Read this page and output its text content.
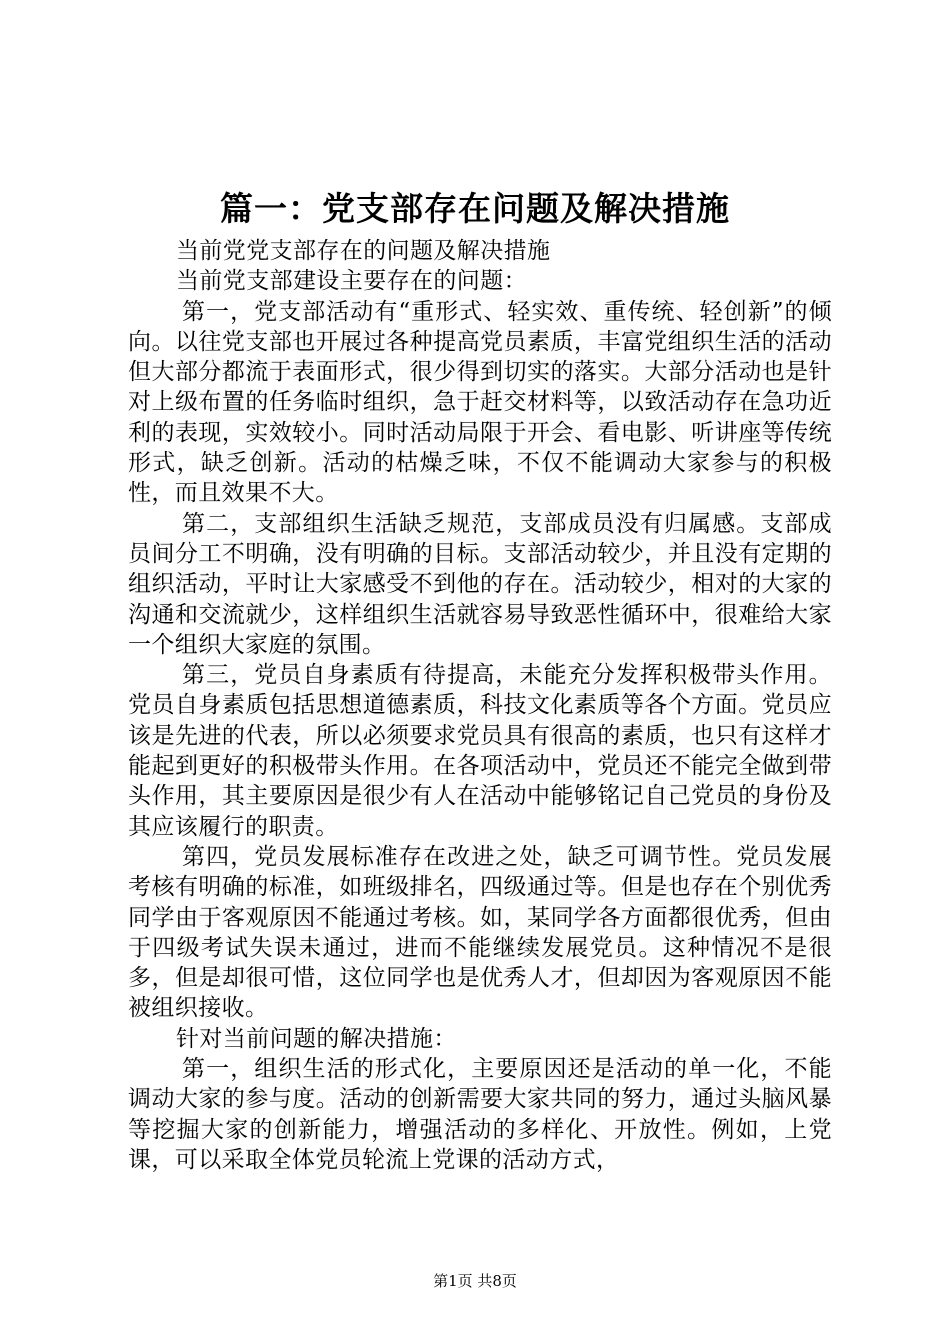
篇一：党支部存在问题及解决措施

当前党党支部存在的问题及解决措施

当前党支部建设主要存在的问题：

第一，党支部活动有“重形式、轻实效、重传统、轻创新”的倾向。以往党支部也开展过各种提高党员素质，丰富党组织生活的活动但大部分都流于表面形式，很少得到切实的落实。大部分活动也是针对上级布置的任务临时组织，急于赶交材料等，以致活动存在急功近利的表现，实效较小。同时活动局限于开会、看电影、听讲座等传统形式，缺乏创新。活动的枯燥乏味，不仅不能调动大家参与的积极性，而且效果不大。

第二，支部组织生活缺乏规范，支部成员没有归属感。支部成员间分工不明确，没有明确的目标。支部活动较少，并且没有定期的组织活动，平时让大家感受不到他的存在。活动较少，相对的大家的沟通和交流就少，这样组织生活就容易导致恶性循环中，很难给大家一个组织大家庭的氛围。

第三，党员自身素质有待提高，未能充分发挥积极带头作用。党员自身素质包括思想道德素质，科技文化素质等各个方面。党员应该是先进的代表，所以必须要求党员具有很高的素质，也只有这样才能起到更好的积极带头作用。在各项活动中，党员还不能完全做到带头作用，其主要原因是很少有人在活动中能够铭记自己党员的身份及其应该履行的职责。

第四，党员发展标准存在改进之处，缺乏可调节性。党员发展考核有明确的标准，如班级排名，四级通过等。但是也存在个别优秀同学由于客观原因不能通过考核。如，某同学各方面都很优秀，但由于四级考试失误未通过，进而不能继续发展党员。这种情况不是很多，但是却很可惜，这位同学也是优秀人才，但却因为客观原因不能被组织接收。

针对当前问题的解决措施：

第一，组织生活的形式化，主要原因还是活动的单一化，不能调动大家的参与度。活动的创新需要大家共同的努力，通过头脑风暴等挖掘大家的创新能力，增强活动的多样化、开放性。例如，上党课，可以采取全体党员轮流上党课的活动方式，

第1页 共8页
